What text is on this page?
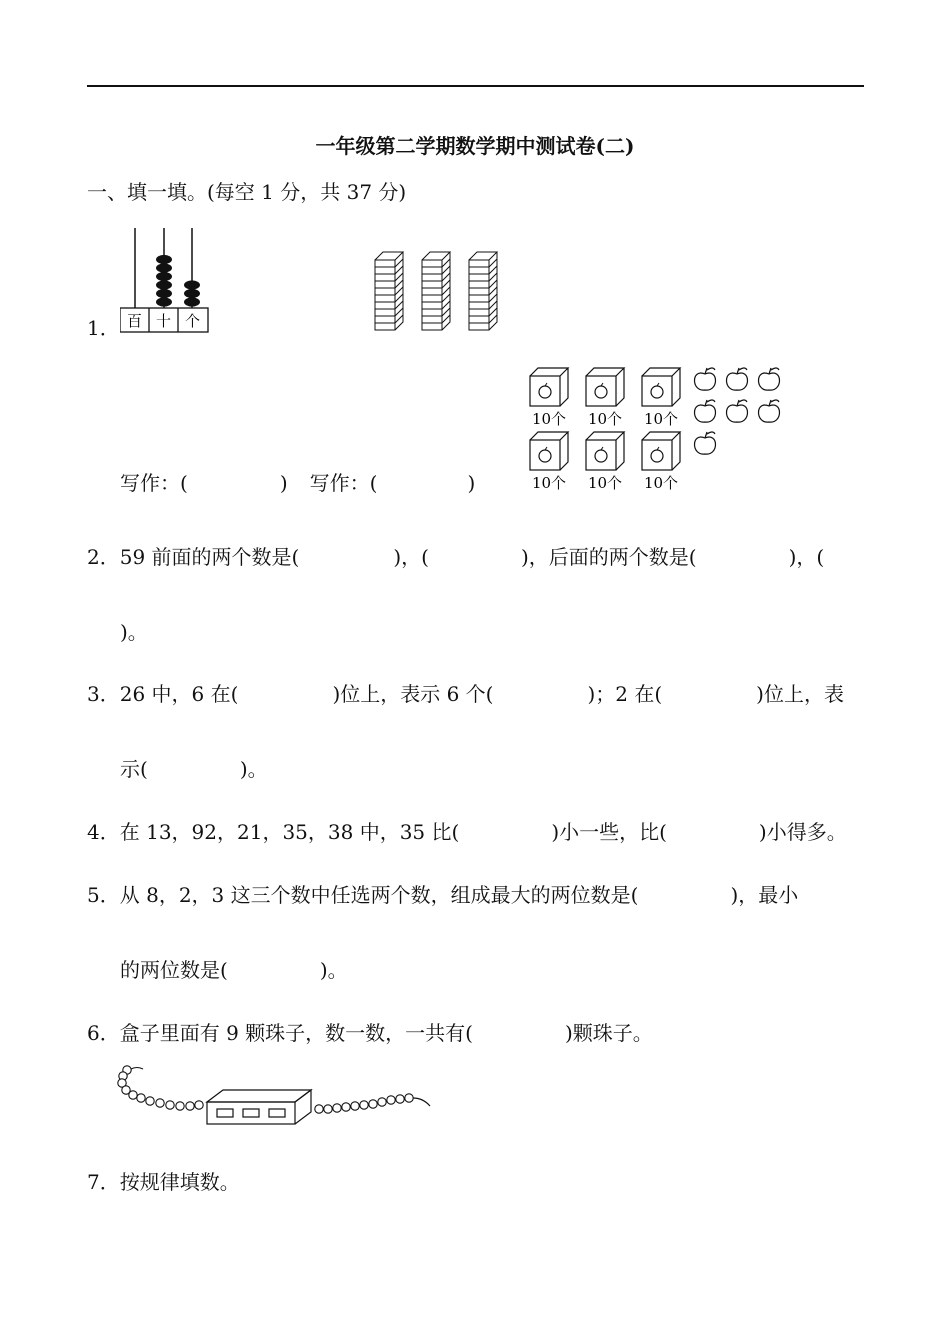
一年级第二学期数学期中测试卷(二)
一、填一填。(每空 1 分，共 37 分)
1． 百 十 个
10个 10个 10个
10个 10个 10个
写作：(	) 写作：(	)
2．59 前面的两个数是(	)，(	)，后面的两个数是(	)，(
)。
3．26 中，6 在(	)位上，表示 6 个(	)；2 在(	)位上，表
示(	)。
4．在 13，92，21，35，38 中，35 比(	)小一些，比(	)小得多。
5．从 8，2，3 这三个数中任选两个数，组成最大的两位数是(	)，最小
的两位数是(	)。
6．盒子里面有 9 颗珠子，数一数，一共有(	)颗珠子。
7．按规律填数。
